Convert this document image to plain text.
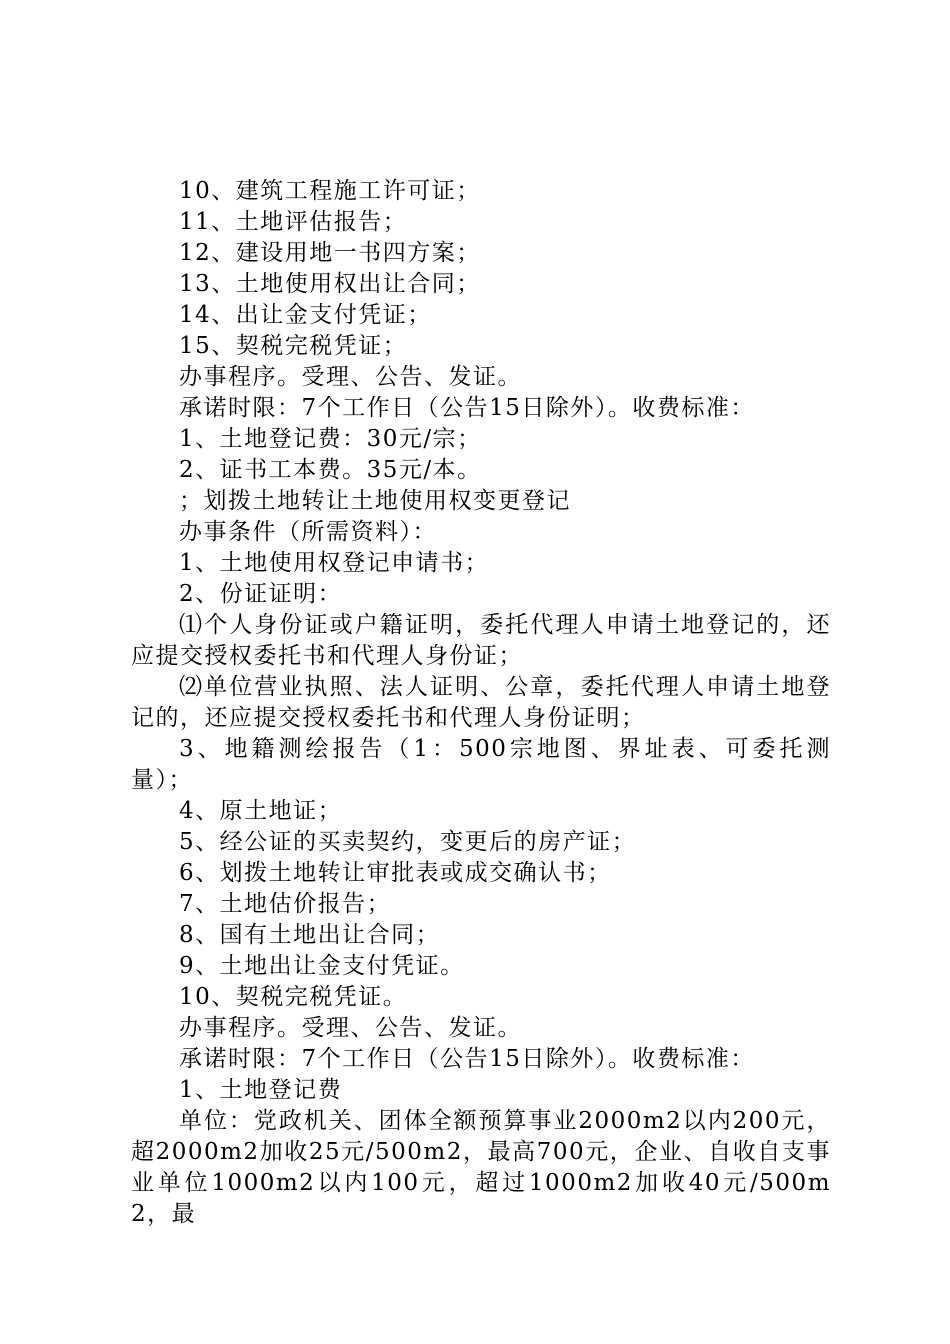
10、建筑工程施工许可证；
11、土地评估报告；
12、建设用地一书四方案；
13、土地使用权出让合同；
14、出让金支付凭证；
15、契税完税凭证；
办事程序。受理、公告、发证。
承诺时限：7个工作日（公告15日除外）。收费标准：
1、土地登记费：30元/宗；
2、证书工本费。35元/本。
；划拨土地转让土地使用权变更登记
办事条件（所需资料）：
1、土地使用权登记申请书；
2、份证证明：
⑴个人身份证或户籍证明，委托代理人申请土地登记的，还应提交授权委托书和代理人身份证；
⑵单位营业执照、法人证明、公章，委托代理人申请土地登记的，还应提交授权委托书和代理人身份证明；
3、地籍测绘报告（1：500宗地图、界址表、可委托测量）；
4、原土地证；
5、经公证的买卖契约，变更后的房产证；
6、划拨土地转让审批表或成交确认书；
7、土地估价报告；
8、国有土地出让合同；
9、土地出让金支付凭证。
10、契税完税凭证。
办事程序。受理、公告、发证。
承诺时限：7个工作日（公告15日除外）。收费标准：
1、土地登记费
单位：党政机关、团体全额预算事业2000m2以内200元，超2000m2加收25元/500m2，最高700元，企业、自收自支事业单位1000m2以内100元，超过1000m2加收40元/500m2，最
